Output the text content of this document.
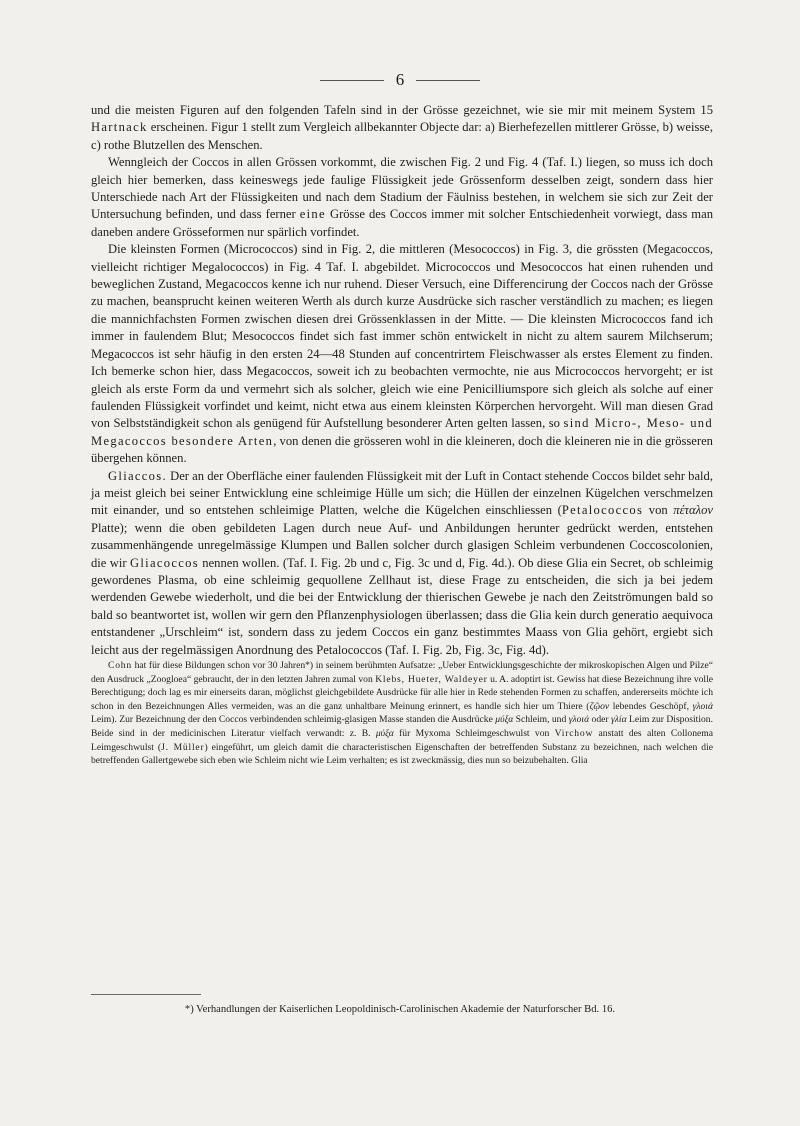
6

und die meisten Figuren auf den folgenden Tafeln sind in der Grösse gezeichnet, wie sie mir mit meinem System 15 Hartnack erscheinen. Figur 1 stellt zum Vergleich allbekannter Objecte dar: a) Bierhefezellen mittlerer Grösse, b) weisse, c) rothe Blutzellen des Menschen.

Wenngleich der Coccos in allen Grössen vorkommt, die zwischen Fig. 2 und Fig. 4 (Taf. I.) liegen, so muss ich doch gleich hier bemerken, dass keineswegs jede faulige Flüssigkeit jede Grössenform desselben zeigt, sondern dass hier Unterschiede nach Art der Flüssigkeiten und nach dem Stadium der Fäulniss bestehen, in welchem sie sich zur Zeit der Untersuchung befinden, und dass ferner eine Grösse des Coccos immer mit solcher Entschiedenheit vorwiegt, dass man daneben andere Grösseformen nur spärlich vorfindet.

Die kleinsten Formen (Micrococcos) sind in Fig. 2, die mittleren (Mesococcos) in Fig. 3, die grössten (Megacoccos, vielleicht richtiger Megalococcos) in Fig. 4 Taf. I. abgebildet. Micrococcos und Mesococcos hat einen ruhenden und beweglichen Zustand, Megacoccos kenne ich nur ruhend. Dieser Versuch, eine Differencirung der Coccos nach der Grösse zu machen, beansprucht keinen weiteren Werth als durch kurze Ausdrücke sich rascher verständlich zu machen; es liegen die mannichfachsten Formen zwischen diesen drei Grössenklassen in der Mitte. — Die kleinsten Micrococcos fand ich immer in faulendem Blut; Mesococcos findet sich fast immer schön entwickelt in nicht zu altem saurem Milchserum; Megacoccos ist sehr häufig in den ersten 24—48 Stunden auf concentrirtem Fleischwasser als erstes Element zu finden. Ich bemerke schon hier, dass Megacoccos, soweit ich zu beobachten vermochte, nie aus Micrococcos hervorgeht; er ist gleich als erste Form da und vermehrt sich als solcher, gleich wie eine Penicilliumspore sich gleich als solche auf einer faulenden Flüssigkeit vorfindet und keimt, nicht etwa aus einem kleinsten Körperchen hervorgeht. Will man diesen Grad von Selbstständigkeit schon als genügend für Aufstellung besonderer Arten gelten lassen, so sind Micro-, Meso- und Megacoccos besondere Arten, von denen die grösseren wohl in die kleineren, doch die kleineren nie in die grösseren übergehen können.

Gliaccos. Der an der Oberfläche einer faulenden Flüssigkeit mit der Luft in Contact stehende Coccos bildet sehr bald, ja meist gleich bei seiner Entwicklung eine schleimige Hülle um sich; die Hüllen der einzelnen Kügelchen verschmelzen mit einander, und so entstehen schleimige Platten, welche die Kügelchen einschliessen (Petalococcos von πέταλον Platte); wenn die oben gebildeten Lagen durch neue Auf- und Anbildungen herunter gedrückt werden, entstehen zusammenhängende unregelmässige Klumpen und Ballen solcher durch glasigen Schleim verbundenen Coccoscolonien, die wir Gliacoccos nennen wollen. (Taf. I. Fig. 2b und c, Fig. 3c und d, Fig. 4d.). Ob diese Glia ein Secret, ob schleimig gewordenes Plasma, ob eine schleimig gequollene Zellhaut ist, diese Frage zu entscheiden, die sich ja bei jedem werdenden Gewebe wiederholt, und die bei der Entwicklung der thierischen Gewebe je nach den Zeitströmungen bald so bald so beantwortet ist, wollen wir gern den Pflanzenphysiologen überlassen; dass die Glia kein durch generatio aequivoca entstandener „Urschleim“ ist, sondern dass zu jedem Coccos ein ganz bestimmtes Maass von Glia gehört, ergiebt sich leicht aus der regelmässigen Anordnung des Petalococcos (Taf. I. Fig. 2b, Fig. 3c, Fig. 4d).

Cohn hat für diese Bildungen schon vor 30 Jahren*) in seinem berühmten Aufsatze: „Ueber Entwicklungsgeschichte der mikroskopischen Algen und Pilze“ den Ausdruck „Zoogloea“ gebraucht, der in den letzten Jahren zumal von Klebs, Hueter, Waldeyer u. A. adoptirt ist. Gewiss hat diese Bezeichnung ihre volle Berechtigung; doch lag es mir einerseits daran, möglichst gleichgebildete Ausdrücke für alle hier in Rede stehenden Formen zu schaffen, andererseits möchte ich schon in den Bezeichnungen Alles vermeiden, was an die ganz unhaltbare Meinung erinnert, es handle sich hier um Thiere (ζῷον lebendes Geschöpf, γλοιά Leim). Zur Bezeichnung der den Coccos verbindenden schleimig-glasigen Masse standen die Ausdrücke μύξα Schleim, und γλοιά oder γλία Leim zur Disposition. Beide sind in der medicinischen Literatur vielfach verwandt: z. B. μύξα für Myxoma Schleimgeschwulst von Virchow anstatt des alten Collonema Leimgeschwulst (J. Müller) eingeführt, um gleich damit die characteristischen Eigenschaften der betreffenden Substanz zu bezeichnen, nach welchen die betreffenden Gallertgewebe sich eben wie Schleim nicht wie Leim verhalten; es ist zweckmässig, dies nun so beizubehalten. Glia

*) Verhandlungen der Kaiserlichen Leopoldinisch-Carolinischen Akademie der Naturforscher Bd. 16.
